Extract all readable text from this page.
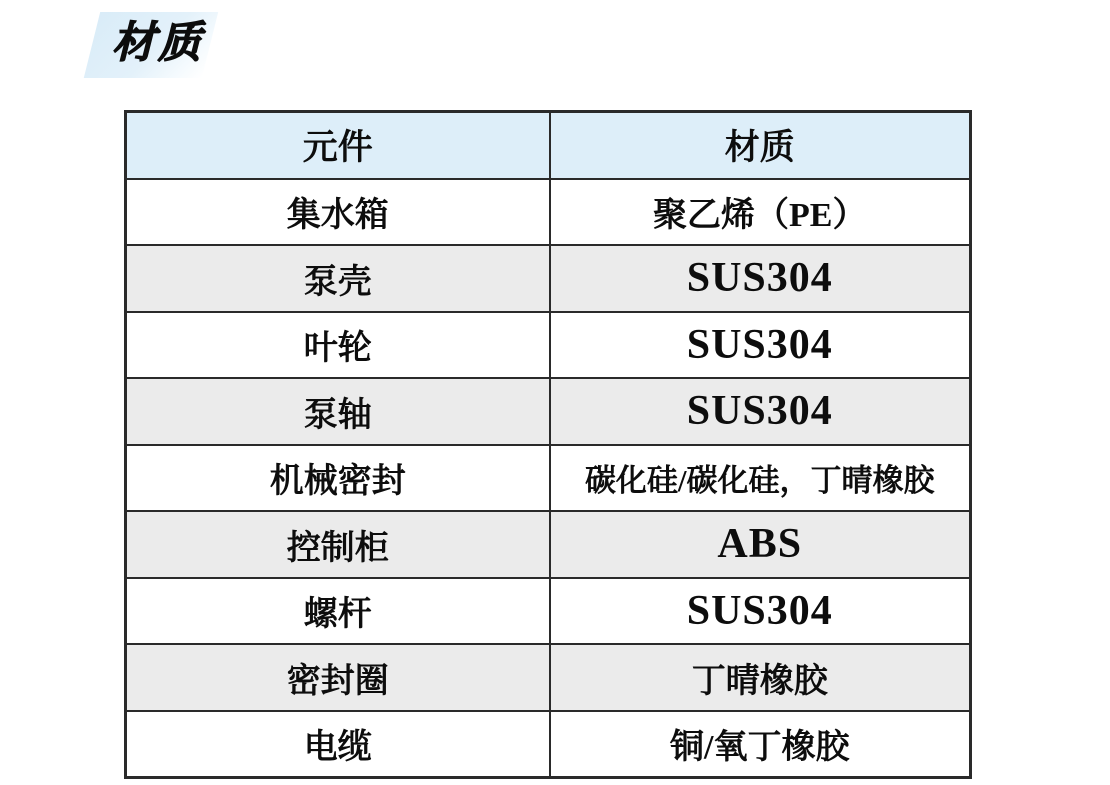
材质
元件	材质
集水箱	聚乙烯（PE）
泵壳	SUS304
叶轮	SUS304
泵轴	SUS304
机械密封	碳化硅/碳化硅，丁晴橡胶
控制柜	ABS
螺杆	SUS304
密封圈	丁晴橡胶
电缆	铜/氧丁橡胶
